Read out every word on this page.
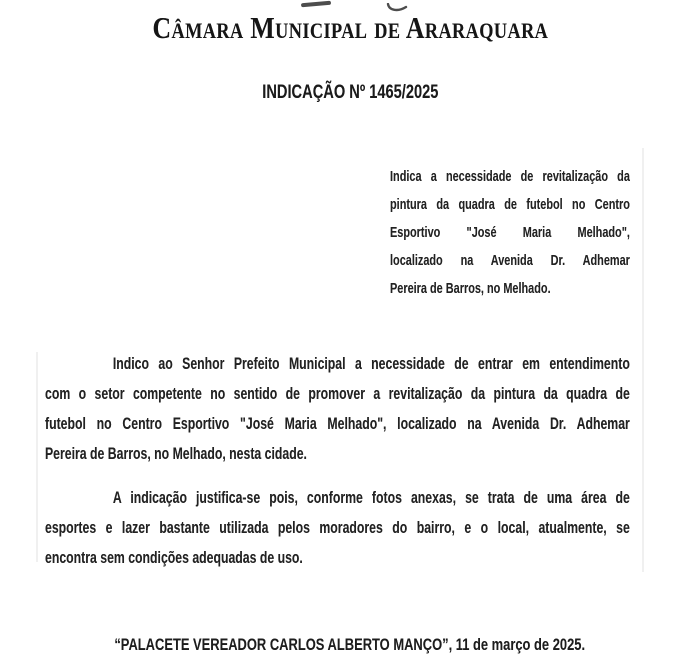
Câmara Municipal de Araraquara
INDICAÇÃO Nº 1465/2025
Indica a necessidade de revitalização da
pintura da quadra de futebol no Centro
Esportivo "José Maria Melhado",
localizado na Avenida Dr. Adhemar
Pereira de Barros, no Melhado.
Indico ao Senhor Prefeito Municipal a necessidade de entrar em entendimento
com o setor competente no sentido de promover a revitalização da pintura da quadra de
futebol no Centro Esportivo "José Maria Melhado", localizado na Avenida Dr. Adhemar
Pereira de Barros, no Melhado, nesta cidade.
A indicação justifica-se pois, conforme fotos anexas, se trata de uma área de
esportes e lazer bastante utilizada pelos moradores do bairro, e o local, atualmente, se
encontra sem condições adequadas de uso.
“PALACETE VEREADOR CARLOS ALBERTO MANÇO”, 11 de março de 2025.
